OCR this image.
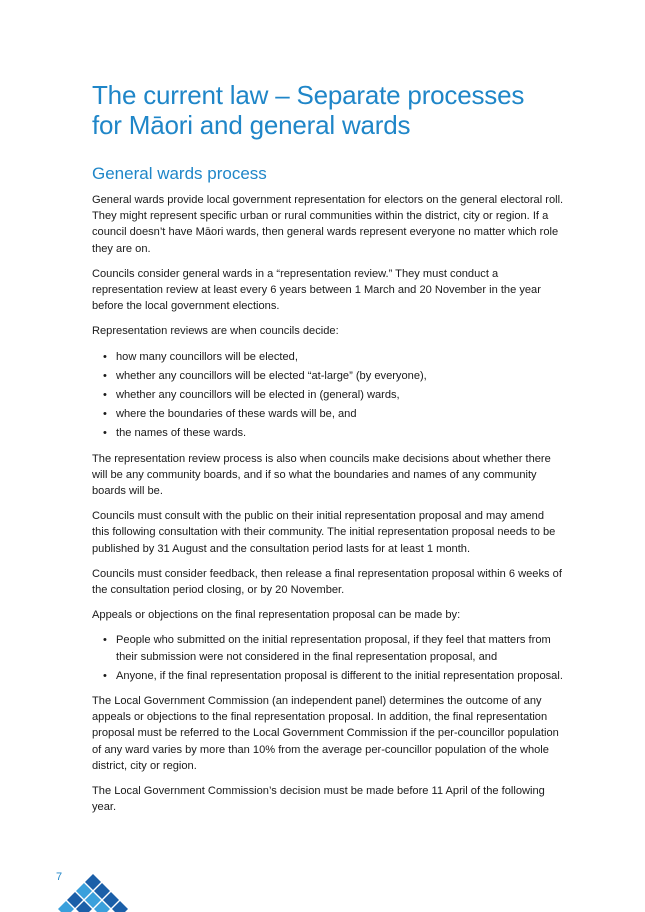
The current law – Separate processes
for Māori and general wards
General wards process

General wards provide local government representation for electors on the general electoral roll. They might represent specific urban or rural communities within the district, city or region. If a council doesn’t have Māori wards, then general wards represent everyone no matter which role they are on.

Councils consider general wards in a “representation review.” They must conduct a representation review at least every 6 years between 1 March and 20 November in the year before the local government elections.

Representation reviews are when councils decide:

• how many councillors will be elected,
• whether any councillors will be elected “at-large” (by everyone),
• whether any councillors will be elected in (general) wards,
• where the boundaries of these wards will be, and
• the names of these wards.

The representation review process is also when councils make decisions about whether there will be any community boards, and if so what the boundaries and names of any community boards will be.

Councils must consult with the public on their initial representation proposal and may amend this following consultation with their community. The initial representation proposal needs to be published by 31 August and the consultation period lasts for at least 1 month.

Councils must consider feedback, then release a final representation proposal within 6 weeks of the consultation period closing, or by 20 November.

Appeals or objections on the final representation proposal can be made by:

• People who submitted on the initial representation proposal, if they feel that matters from their submission were not considered in the final representation proposal, and
• Anyone, if the final representation proposal is different to the initial representation proposal.

The Local Government Commission (an independent panel) determines the outcome of any appeals or objections to the final representation proposal. In addition, the final representation proposal must be referred to the Local Government Commission if the per-councillor population of any ward varies by more than 10% from the average per-councillor population of the whole district, city or region.

The Local Government Commission’s decision must be made before 11 April of the following year.

7
